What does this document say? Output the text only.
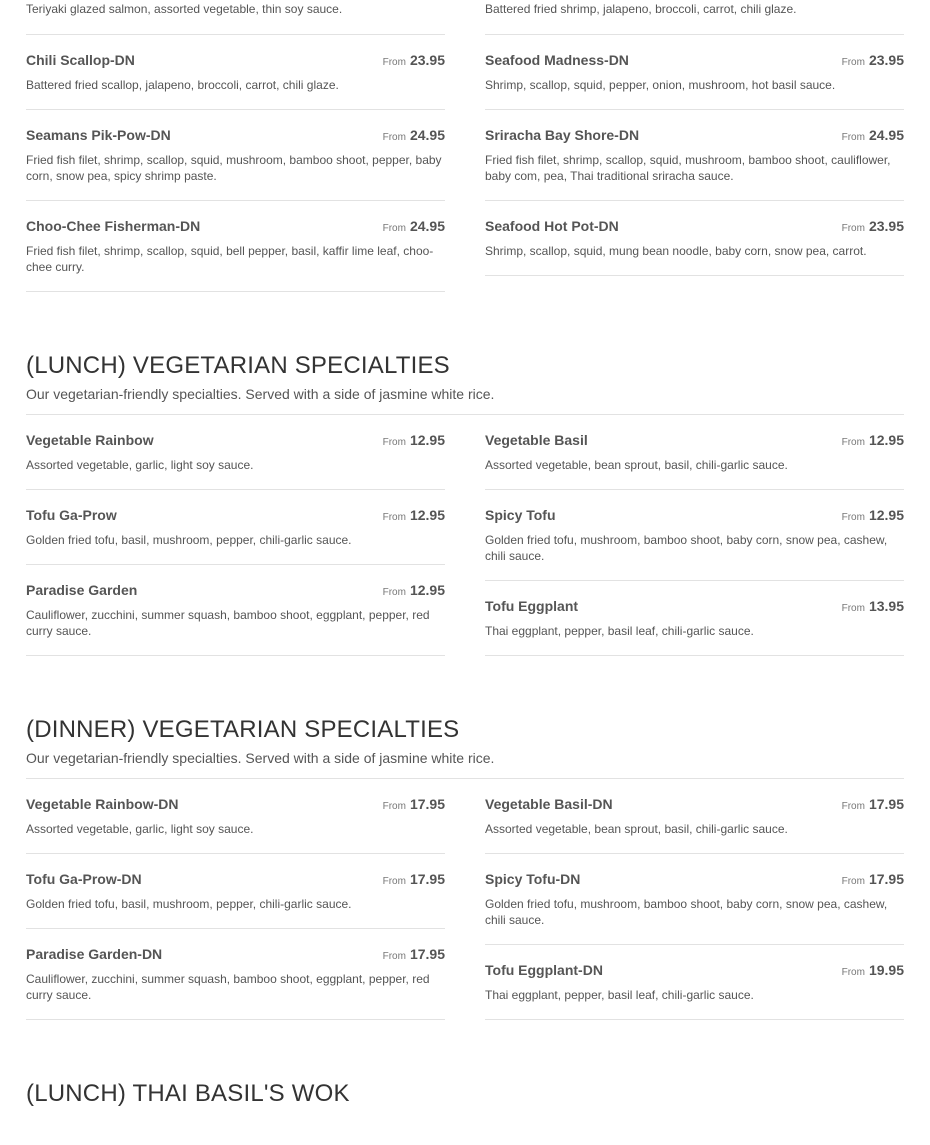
Teriyaki glazed salmon, assorted vegetable, thin soy sauce.
Chili Scallop-DN	From 23.95
Battered fried scallop, jalapeno, broccoli, carrot, chili glaze.
Seamans Pik-Pow-DN	From 24.95
Fried fish filet, shrimp, scallop, squid, mushroom, bamboo shoot, pepper, baby corn, snow pea, spicy shrimp paste.
Choo-Chee Fisherman-DN	From 24.95
Fried fish filet, shrimp, scallop, squid, bell pepper, basil, kaffir lime leaf, choo-chee curry.
Battered fried shrimp, jalapeno, broccoli, carrot, chili glaze.
Seafood Madness-DN	From 23.95
Shrimp, scallop, squid, pepper, onion, mushroom, hot basil sauce.
Sriracha Bay Shore-DN	From 24.95
Fried fish filet, shrimp, scallop, squid, mushroom, bamboo shoot, cauliflower, baby com, pea, Thai traditional sriracha sauce.
Seafood Hot Pot-DN	From 23.95
Shrimp, scallop, squid, mung bean noodle, baby corn, snow pea, carrot.
(LUNCH) VEGETARIAN SPECIALTIES
Our vegetarian-friendly specialties. Served with a side of jasmine white rice.
Vegetable Rainbow	From 12.95
Assorted vegetable, garlic, light soy sauce.
Tofu Ga-Prow	From 12.95
Golden fried tofu, basil, mushroom, pepper, chili-garlic sauce.
Paradise Garden	From 12.95
Cauliflower, zucchini, summer squash, bamboo shoot, eggplant, pepper, red curry sauce.
Vegetable Basil	From 12.95
Assorted vegetable, bean sprout, basil, chili-garlic sauce.
Spicy Tofu	From 12.95
Golden fried tofu, mushroom, bamboo shoot, baby corn, snow pea, cashew, chili sauce.
Tofu Eggplant	From 13.95
Thai eggplant, pepper, basil leaf, chili-garlic sauce.
(DINNER) VEGETARIAN SPECIALTIES
Our vegetarian-friendly specialties. Served with a side of jasmine white rice.
Vegetable Rainbow-DN	From 17.95
Assorted vegetable, garlic, light soy sauce.
Tofu Ga-Prow-DN	From 17.95
Golden fried tofu, basil, mushroom, pepper, chili-garlic sauce.
Paradise Garden-DN	From 17.95
Cauliflower, zucchini, summer squash, bamboo shoot, eggplant, pepper, red curry sauce.
Vegetable Basil-DN	From 17.95
Assorted vegetable, bean sprout, basil, chili-garlic sauce.
Spicy Tofu-DN	From 17.95
Golden fried tofu, mushroom, bamboo shoot, baby corn, snow pea, cashew, chili sauce.
Tofu Eggplant-DN	From 19.95
Thai eggplant, pepper, basil leaf, chili-garlic sauce.
(LUNCH) THAI BASIL'S WOK
